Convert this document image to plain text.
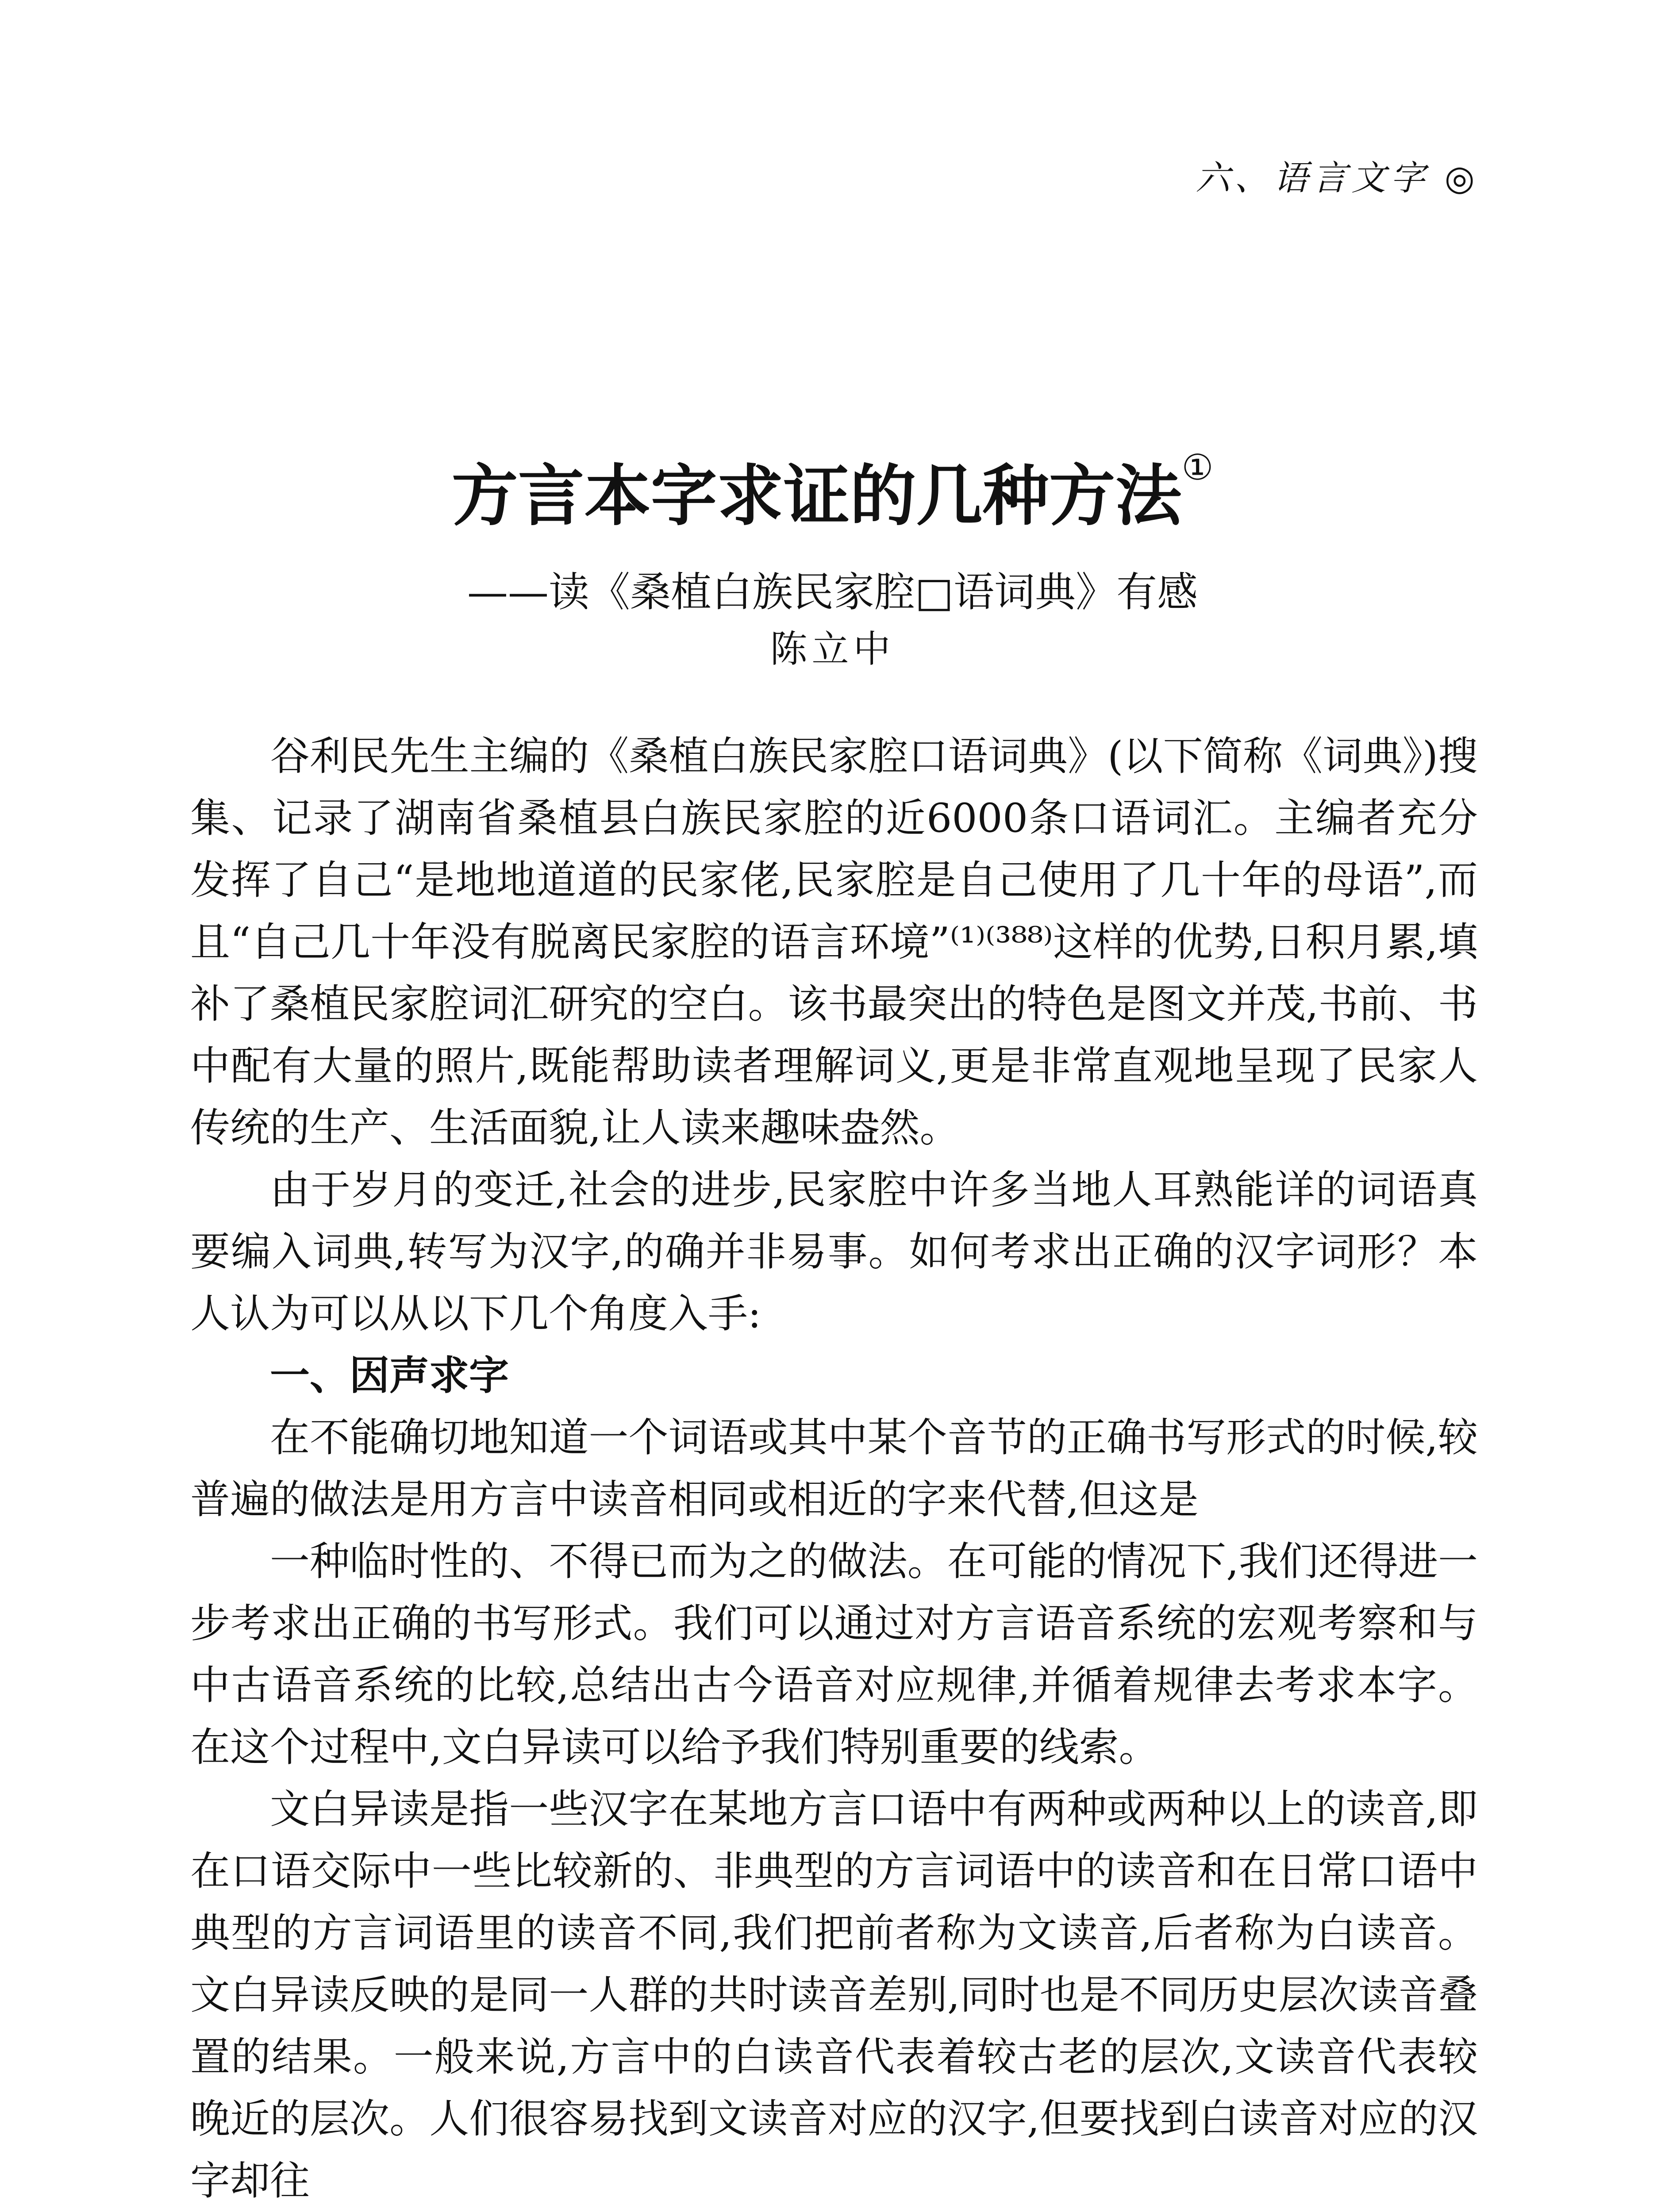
六、语言文字 ◎
方言本字求证的几种方法①
——读《桑植白族民家腔□语词典》有感
陈立中

谷利民先生主编的《桑植白族民家腔口语词典》(以下简称《词典》)搜集、记录了湖南省桑植县白族民家腔的近6000条口语词汇。主编者充分发挥了自己“是地地道道的民家佬,民家腔是自己使用了几十年的母语”,而且“自己几十年没有脱离民家腔的语言环境”⁽¹⁾⁽³⁸⁸⁾这样的优势,日积月累,填补了桑植民家腔词汇研究的空白。该书最突出的特色是图文并茂,书前、书中配有大量的照片,既能帮助读者理解词义,更是非常直观地呈现了民家人传统的生产、生活面貌,让人读来趣味盎然。

由于岁月的变迁,社会的进步,民家腔中许多当地人耳熟能详的词语真要编入词典,转写为汉字,的确并非易事。如何考求出正确的汉字词形？本人认为可以从以下几个角度入手:

一、因声求字

在不能确切地知道一个词语或其中某个音节的正确书写形式的时候,较普遍的做法是用方言中读音相同或相近的字来代替,但这是

一种临时性的、不得已而为之的做法。在可能的情况下,我们还得进一步考求出正确的书写形式。我们可以通过对方言语音系统的宏观考察和与中古语音系统的比较,总结出古今语音对应规律,并循着规律去考求本字。在这个过程中,文白异读可以给予我们特别重要的线索。

文白异读是指一些汉字在某地方言口语中有两种或两种以上的读音,即在口语交际中一些比较新的、非典型的方言词语中的读音和在日常口语中典型的方言词语里的读音不同,我们把前者称为文读音,后者称为白读音。文白异读反映的是同一人群的共时读音差别,同时也是不同历史层次读音叠置的结果。一般来说,方言中的白读音代表着较古老的层次,文读音代表较晚近的层次。人们很容易找到文读音对应的汉字,但要找到白读音对应的汉字却往
